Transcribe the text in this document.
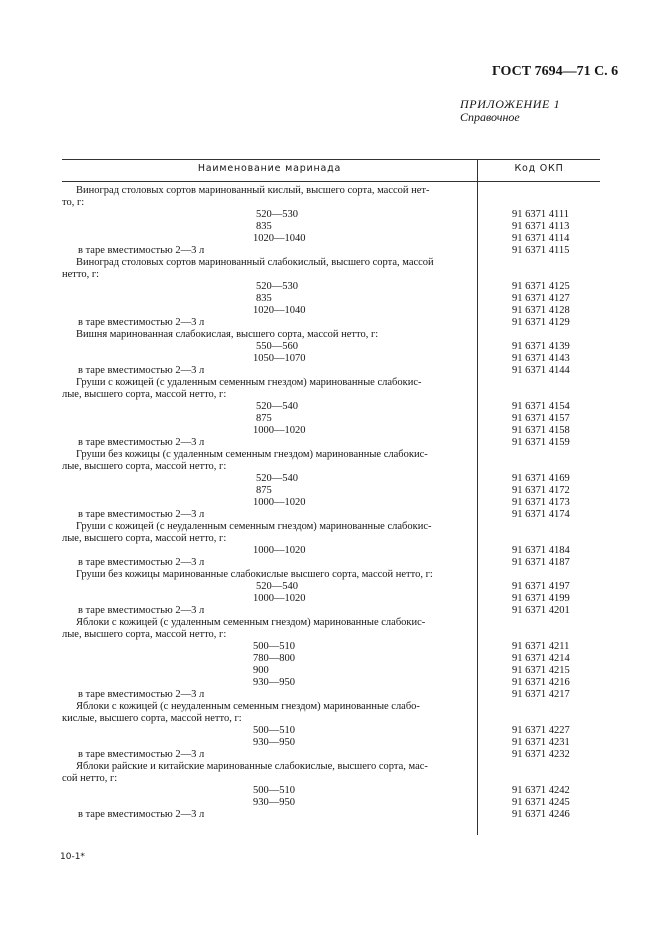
ГОСТ 7694—71 С. 6
ПРИЛОЖЕНИЕ 1
Справочное
Наименование маринада	Код ОКП
Виноград столовых сортов маринованный кислый, высшего сорта, массой нет-
то, г:
520—530	91 6371 4111
835	91 6371 4113
1020—1040	91 6371 4114
в таре вместимостью 2—3 л	91 6371 4115
Виноград столовых сортов маринованный слабокислый, высшего сорта, массой
нетто, г:
520—530	91 6371 4125
835	91 6371 4127
1020—1040	91 6371 4128
в таре вместимостью 2—3 л	91 6371 4129
Вишня маринованная слабокислая, высшего сорта, массой нетто, г:
550—560	91 6371 4139
1050—1070	91 6371 4143
в таре вместимостью 2—3 л	91 6371 4144
Груши с кожицей (с удаленным семенным гнездом) маринованные слабокис-
лые, высшего сорта, массой нетто, г:
520—540	91 6371 4154
875	91 6371 4157
1000—1020	91 6371 4158
в таре вместимостью 2—3 л	91 6371 4159
Груши без кожицы (с удаленным семенным гнездом) маринованные слабокис-
лые, высшего сорта, массой нетто, г:
520—540	91 6371 4169
875	91 6371 4172
1000—1020	91 6371 4173
в таре вместимостью 2—3 л	91 6371 4174
Груши с кожицей (с неудаленным семенным гнездом) маринованные слабокис-
лые, высшего сорта, массой нетто, г:
1000—1020	91 6371 4184
в таре вместимостью 2—3 л	91 6371 4187
Груши без кожицы маринованные слабокислые высшего сорта, массой нетто, г:
520—540	91 6371 4197
1000—1020	91 6371 4199
в таре вместимостью 2—3 л	91 6371 4201
Яблоки с кожицей (с удаленным семенным гнездом) маринованные слабокис-
лые, высшего сорта, массой нетто, г:
500—510	91 6371 4211
780—800	91 6371 4214
900	91 6371 4215
930—950	91 6371 4216
в таре вместимостью 2—3 л	91 6371 4217
Яблоки с кожицей (с неудаленным семенным гнездом) маринованные слабо-
кислые, высшего сорта, массой нетто, г:
500—510	91 6371 4227
930—950	91 6371 4231
в таре вместимостью 2—3 л	91 6371 4232
Яблоки райские и китайские маринованные слабокислые, высшего сорта, мас-
сой нетто, г:
500—510	91 6371 4242
930—950	91 6371 4245
в таре вместимостью 2—3 л	91 6371 4246
10-1*
